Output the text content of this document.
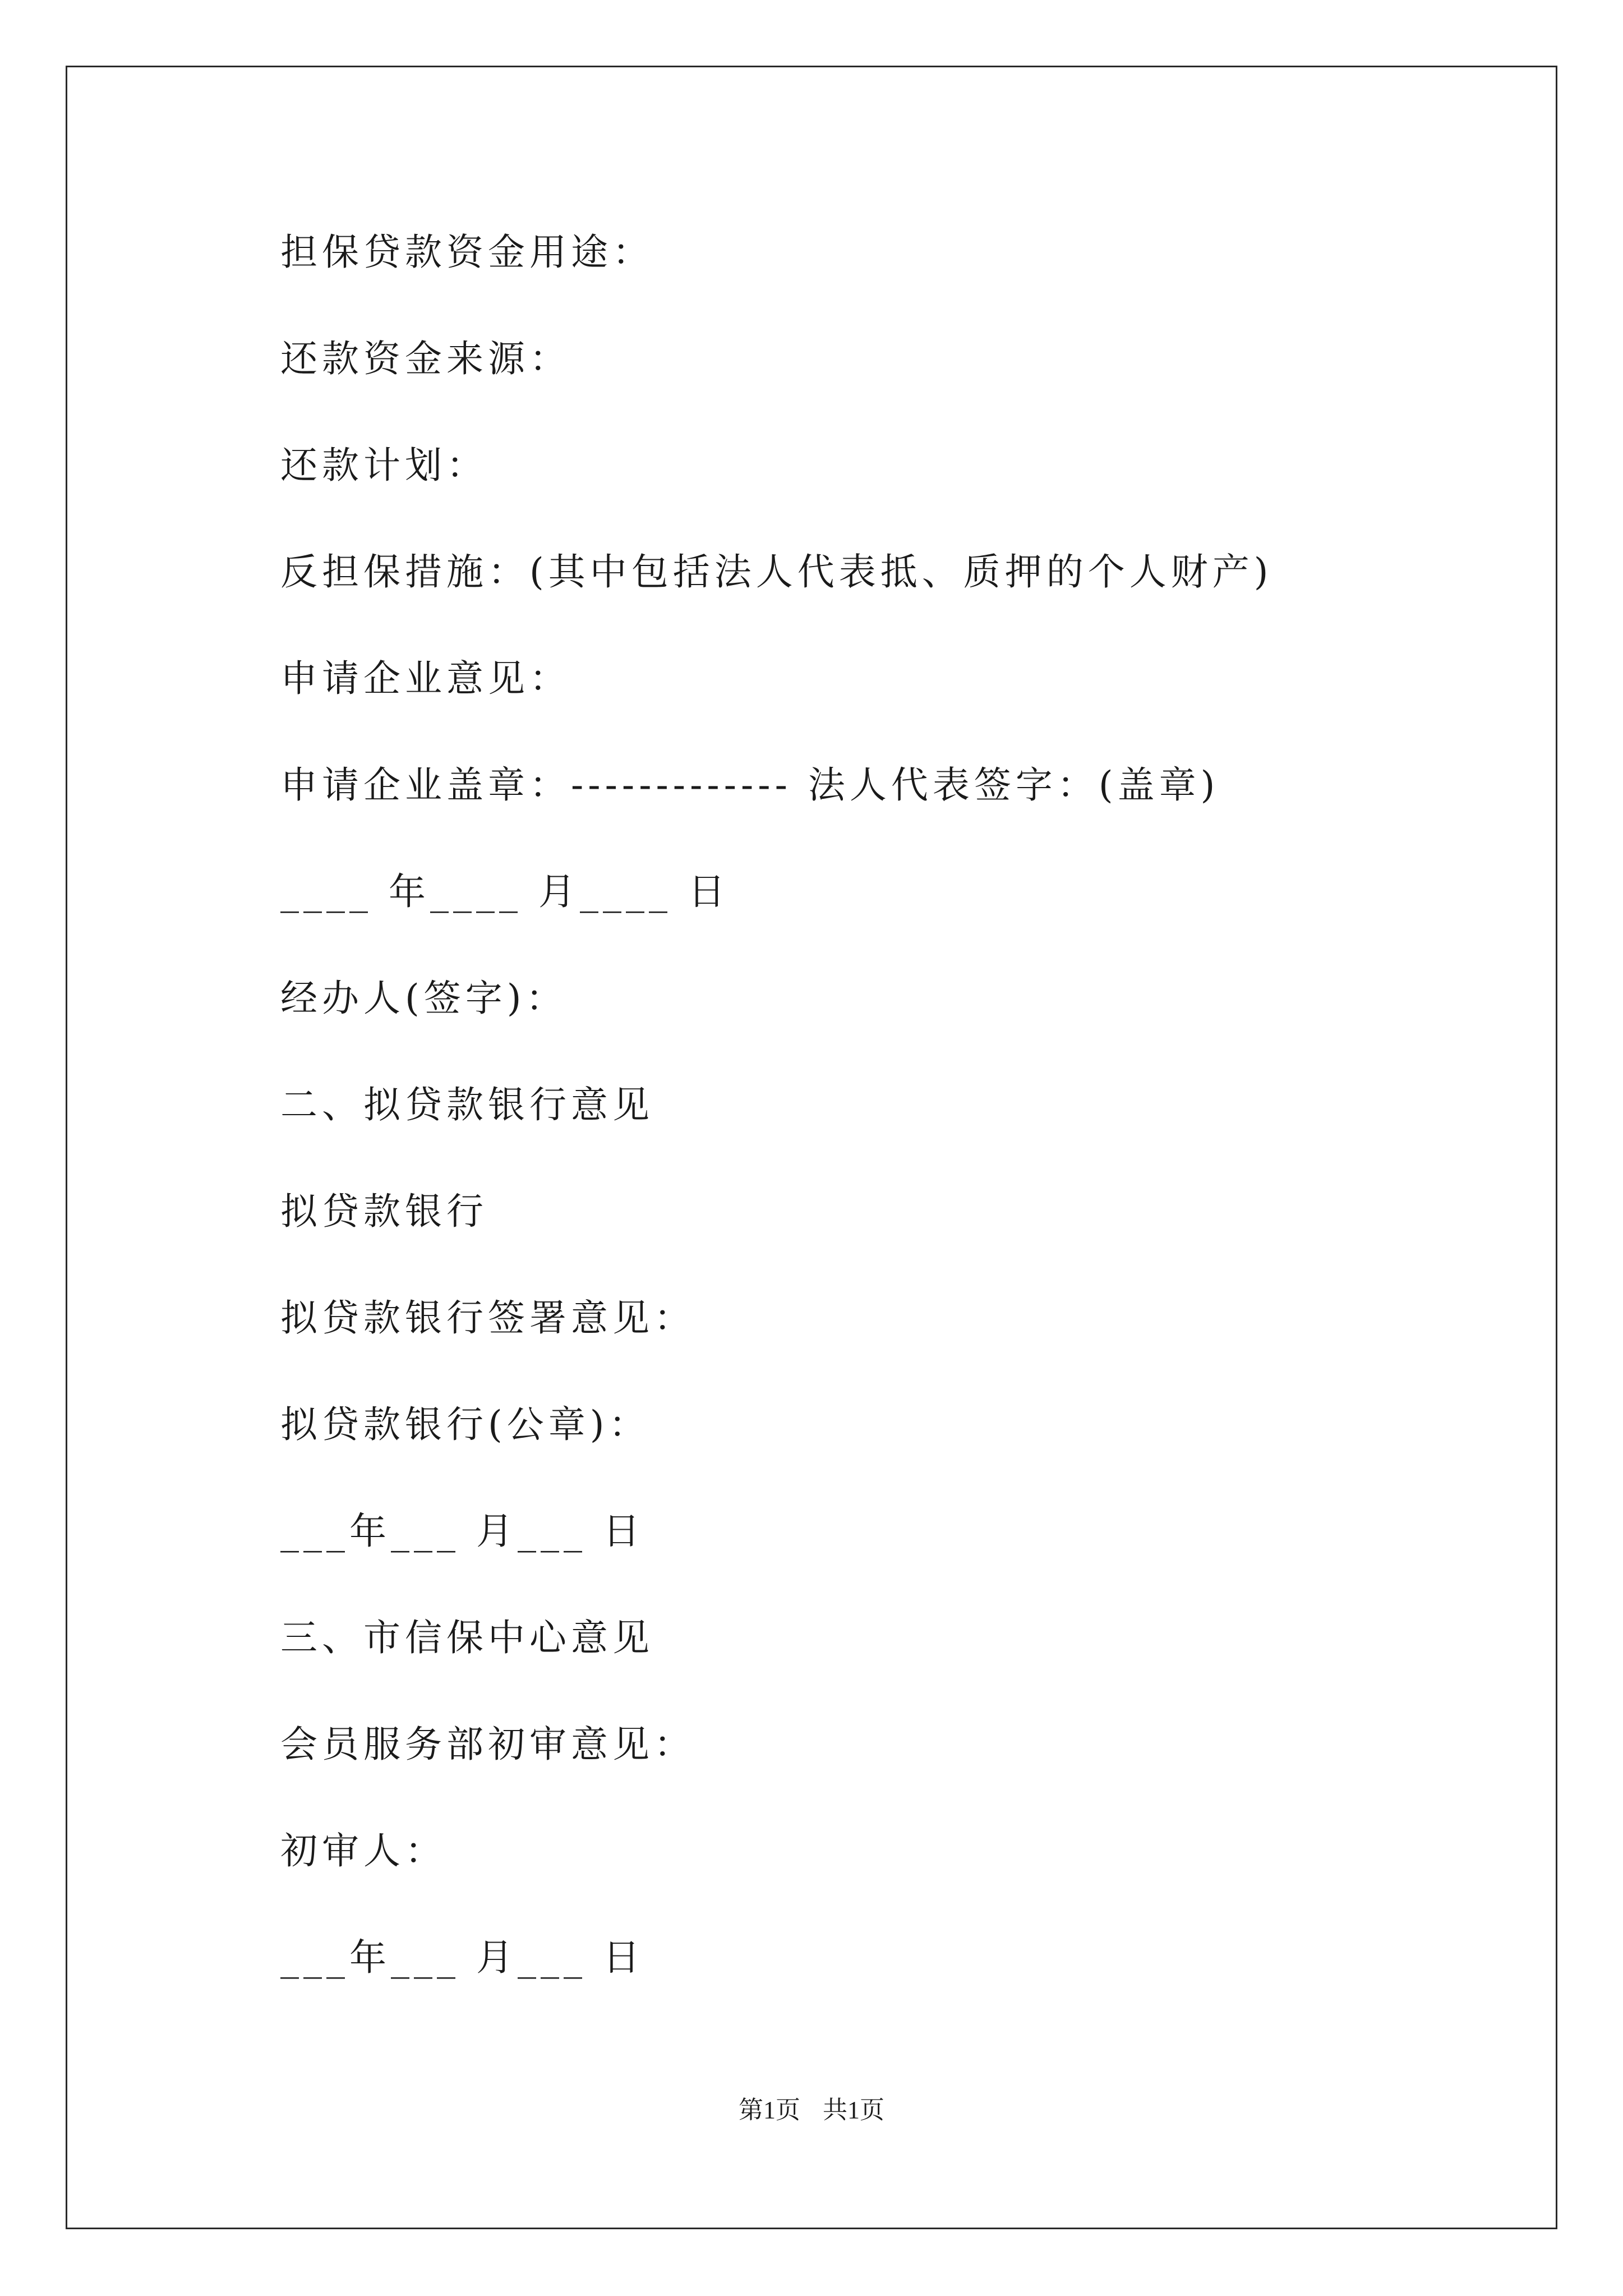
担保贷款资金用途：
还款资金来源：
还款计划：
反担保措施：(其中包括法人代表抵、质押的个人财产)
申请企业意见：
申请企业盖章：------------- 法人代表签字：(盖章)
____ 年____ 月____ 日
经办人(签字)：
二、拟贷款银行意见
拟贷款银行
拟贷款银行签署意见：
拟贷款银行(公章)：
___年___ 月___ 日
三、市信保中心意见
会员服务部初审意见：
初审人：
___年___ 月___ 日
第1页 共1页
